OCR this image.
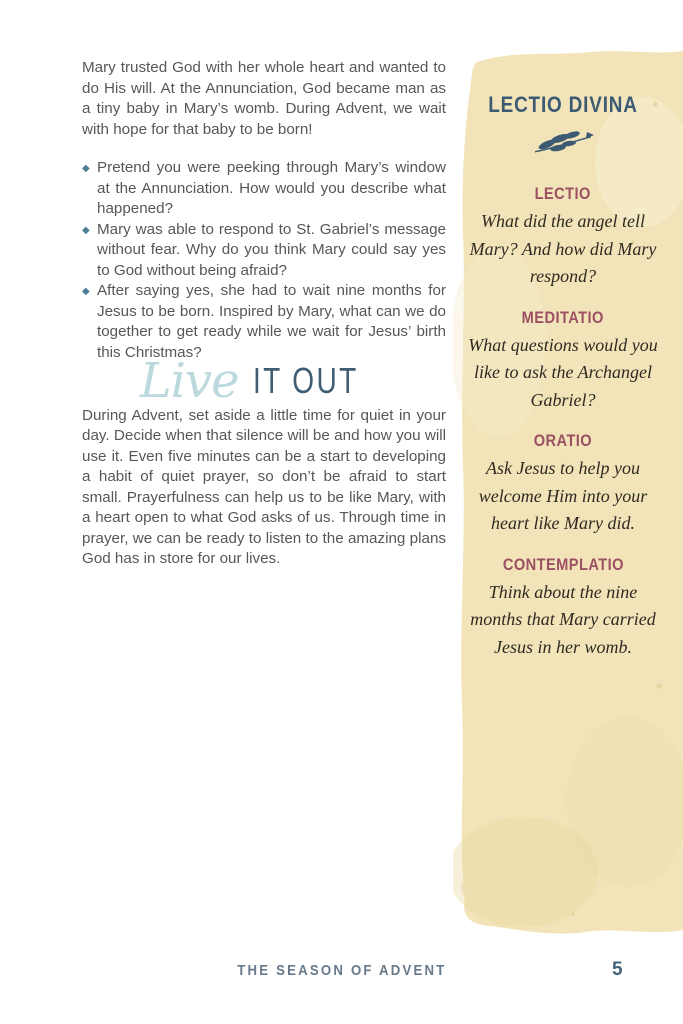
LECTIO DIVINA
LECTIO

What did the angel tell Mary? And how did Mary respond?

MEDITATIO

What questions would you like to ask the Archangel Gabriel?

ORATIO

Ask Jesus to help you welcome Him into your heart like Mary did.

CONTEMPLATIO

Think about the nine months that Mary carried Jesus in her womb.

Mary trusted God with her whole heart and wanted to do His will. At the Annunciation, God became man as a tiny baby in Mary’s womb. During Advent, we wait with hope for that baby to be born!

◆ Pretend you were peeking through Mary’s window at the Annunciation. How would you describe what happened?
◆ Mary was able to respond to St. Gabriel’s message without fear. Why do you think Mary could say yes to God without being afraid?
◆ After saying yes, she had to wait nine months for Jesus to be born. Inspired by Mary, what can we do together to get ready while we wait for Jesus’ birth this Christmas?
Live IT OUT

During Advent, set aside a little time for quiet in your day. Decide when that silence will be and how you will use it. Even five minutes can be a start to developing a habit of quiet prayer, so don’t be afraid to start small. Prayerfulness can help us to be like Mary, with a heart open to what God asks of us. Through time in prayer, we can be ready to listen to the amazing plans God has in store for our lives.

THE SEASON OF ADVENT	5
